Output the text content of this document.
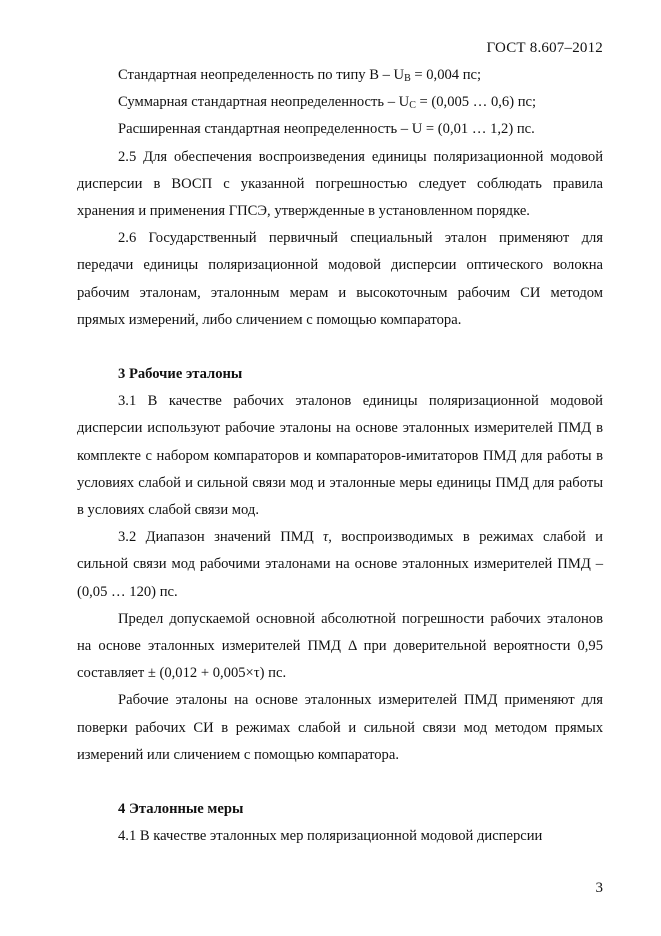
ГОСТ 8.607–2012

Стандартная неопределенность по типу $В - U_B = 0,004$ пс;

Суммарная стандартная неопределенность – $U_C = (0,005$ … 0,6) пс;

Расширенная стандартная неопределенность – U = (0,01 … 1,2) пс.

2.5 Для обеспечения воспроизведения единицы поляризационной модовой дисперсии в ВОСП с указанной погрешностью следует соблюдать правила хранения и применения ГПСЭ, утвержденные в установленном порядке.

2.6 Государственный первичный специальный эталон применяют для передачи единицы поляризационной модовой дисперсии оптического волокна рабочим эталонам, эталонным мерам и высокоточным рабочим СИ методом прямых измерений, либо сличением с помощью компаратора.

3 Рабочие эталоны

3.1 В качестве рабочих эталонов единицы поляризационной модовой дисперсии используют рабочие эталоны на основе эталонных измерителей ПМД в комплекте с набором компараторов и компараторов-имитаторов ПМД для работы в условиях слабой и сильной связи мод и эталонные меры единицы ПМД для работы в условиях слабой связи мод.

3.2 Диапазон значений ПМД τ, воспроизводимых в режимах слабой и сильной связи мод рабочими эталонами на основе эталонных измерителей ПМД – (0,05 … 120) пс.

Предел допускаемой основной абсолютной погрешности рабочих эталонов на основе эталонных измерителей ПМД Δ при доверительной вероятности 0,95 составляет ± (0,012 + 0,005×τ) пс.

Рабочие эталоны на основе эталонных измерителей ПМД применяют для поверки рабочих СИ в режимах слабой и сильной связи мод методом прямых измерений или сличением с помощью компаратора.

4 Эталонные меры

4.1 В качестве эталонных мер поляризационной модовой дисперсии

3
